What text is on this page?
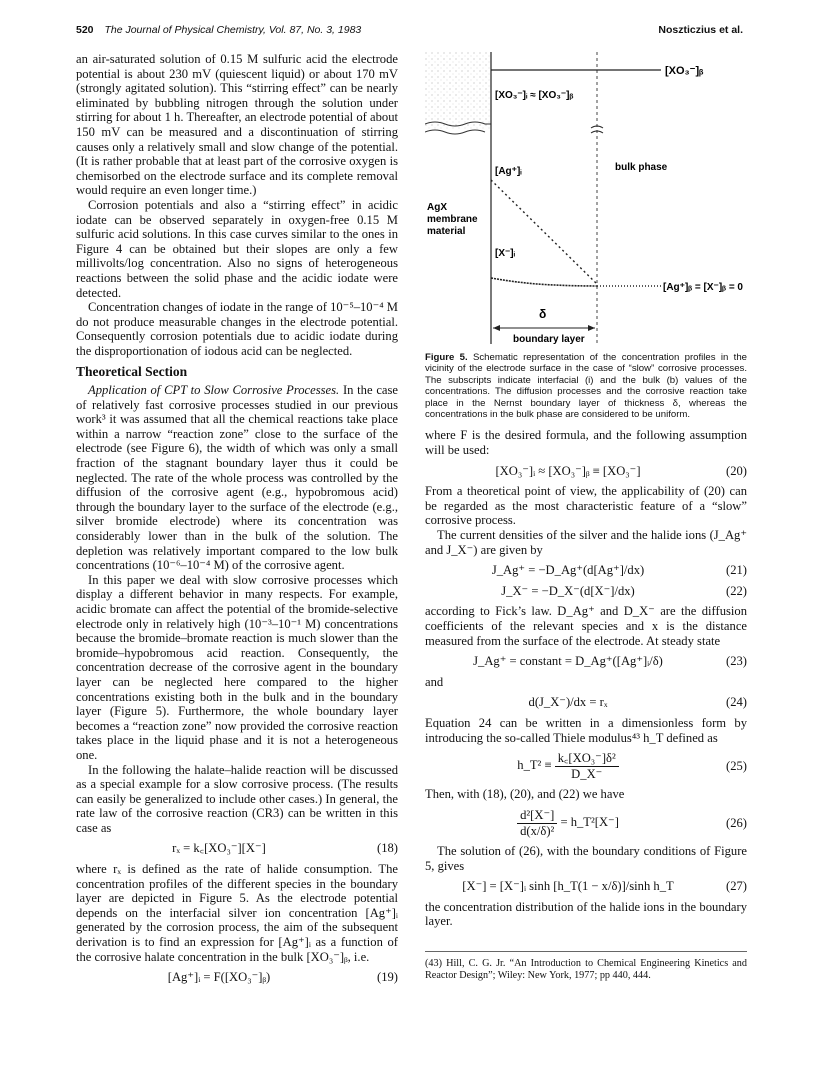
520 The Journal of Physical Chemistry, Vol. 87, No. 3, 1983	Noszticzius et al.

an air-saturated solution of 0.15 M sulfuric acid the electrode potential is about 230 mV (quiescent liquid) or about 170 mV (strongly agitated solution). This “stirring effect” can be nearly eliminated by bubbling nitrogen through the solution under stirring for about 1 h. Thereafter, an electrode potential of about 150 mV can be measured and a discontinuation of stirring causes only a relatively small and slow change of the potential. (It is rather probable that at least part of the corrosive oxygen is chemisorbed on the electrode surface and its complete removal would require an even longer time.)

Corrosion potentials and also a “stirring effect” in acidic iodate can be observed separately in oxygen-free 0.15 M sulfuric acid solutions. In this case curves similar to the ones in Figure 4 can be obtained but their slopes are only a few millivolts/log concentration. Also no signs of heterogeneous reactions between the solid phase and the acidic iodate were detected.

Concentration changes of iodate in the range of 10⁻⁵–10⁻⁴ M do not produce measurable changes in the electrode potential. Consequently corrosion potentials due to acidic iodate during the disproportionation of iodous acid can be neglected.

Theoretical Section

Application of CPT to Slow Corrosive Processes. In the case of relatively fast corrosive processes studied in our previous work³ it was assumed that all the chemical reactions take place within a narrow “reaction zone” close to the surface of the electrode (see Figure 6), the width of which was only a small fraction of the stagnant boundary layer thus it could be neglected. The rate of the whole process was controlled by the diffusion of the corrosive agent (e.g., hypobromous acid) through the boundary layer to the surface of the electrode (e.g., silver bromide electrode) where its concentration was considerably lower than in the bulk of the solution. The depletion was relatively important compared to the low bulk concentrations (10⁻⁶–10⁻⁴ M) of the corrosive agent.

In this paper we deal with slow corrosive processes which display a different behavior in many respects. For example, acidic bromate can affect the potential of the bromide-selective electrode only in relatively high (10⁻³–10⁻¹ M) concentrations because the bromide–bromate reaction is much slower than the bromide–hypobromous acid reaction. Consequently, the concentration decrease of the corrosive agent in the boundary layer can be neglected here compared to the higher concentrations existing both in the bulk and in the boundary layer (Figure 5). Furthermore, the whole boundary layer becomes a “reaction zone” now provided the corrosive reaction takes place in the liquid phase and it is not a heterogeneous one.

In the following the halate–halide reaction will be discussed as a special example for a slow corrosive process. (The results can easily be generalized to include other cases.) In general, the rate law of the corrosive reaction (CR3) can be written in this case as

rₓ = k꜀[XO₃⁻][X⁻]	(18)

where rₓ is defined as the rate of halide consumption. The concentration profiles of the different species in the boundary layer are depicted in Figure 5. As the electrode potential depends on the interfacial silver ion concentration [Ag⁺]ᵢ generated by the corrosion process, the aim of the subsequent derivation is to find an expression for [Ag⁺]ᵢ as a function of the corrosive halate concentration in the bulk [XO₃⁻]ᵦ, i.e.

[Ag⁺]ᵢ = F([XO₃⁻]ᵦ)	(19)
[XO₃⁻]ᵦ
[XO₃⁻]ᵢ ≈ [XO₃⁻]ᵦ
[Ag⁺]ᵢ	bulk phase
AgX
membrane
material
[X⁻]ᵢ
[Ag⁺]ᵦ = [X⁻]ᵦ = 0
δ
boundary layer
Figure 5. Schematic representation of the concentration profiles in the vicinity of the electrode surface in the case of “slow” corrosive processes. The subscripts indicate interfacial (i) and the bulk (b) values of the concentrations. The diffusion processes and the corrosive reaction take place in the Nernst boundary layer of thickness δ, whereas the concentrations in the bulk phase are considered to be uniform.

where F is the desired formula, and the following assumption will be used:

[XO₃⁻]ᵢ ≈ [XO₃⁻]ᵦ ≡ [XO₃⁻]	(20)

From a theoretical point of view, the applicability of (20) can be regarded as the most characteristic feature of a “slow” corrosive process.

The current densities of the silver and the halide ions (J_Ag⁺ and J_X⁻) are given by

J_Ag⁺ = −D_Ag⁺(d[Ag⁺]/dx)	(21)
J_X⁻ = −D_X⁻(d[X⁻]/dx)	(22)

according to Fick’s law. D_Ag⁺ and D_X⁻ are the diffusion coefficients of the relevant species and x is the distance measured from the surface of the electrode. At steady state

J_Ag⁺ = constant = D_Ag⁺([Ag⁺]ᵢ/δ)	(23)

and

d(J_X⁻)/dx = rₓ	(24)

Equation 24 can be written in a dimensionless form by introducing the so-called Thiele modulus⁴³ h_T defined as

h_T² ≡ $\frac{\text{k꜀[XO₃⁻]δ²}}{D\_X^-}$	(25)

Then, with (18), (20), and (22) we have

$\frac{\text{d²[X⁻]}}{\text{d(x/δ)²}}$ = h_T²[X⁻]	(26)

The solution of (26), with the boundary conditions of Figure 5, gives

[X⁻] = [X⁻]ᵢ sinh [h_T(1 − x/δ)]/sinh h_T	(27)

the concentration distribution of the halide ions in the boundary layer.

(43) Hill, C. G. Jr. “An Introduction to Chemical Engineering Kinetics and Reactor Design”; Wiley: New York, 1977; pp 440, 444.
